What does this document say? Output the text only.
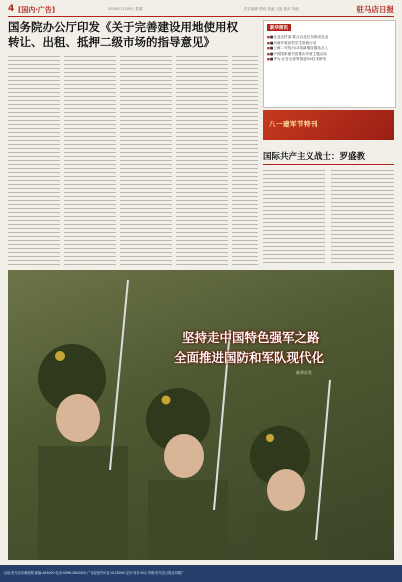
4 [国内·广告]	2009年7月28日 星期二	责任编辑 张明 美编 王磊 校对 刘丽	驻马店日报
国务院办公厅印发《关于完善建设用地使用权
转让、出租、抵押二级市场的指导意见》
新华简讯
■ ■农业农村部:要点自北往东推动农业
■ ■河南开展高效学生资助行动
■ ■上海二号线为13省新增设置站点入
■ ■中国国家图书馆推出年度主题活动
■ ■华为:正在全世界推进5G技术研发
八一建军节特刊
国际共产主义战士：罗盛教
坚持走中国特色强军之路
全面推进国防和军队现代化
新华社发
社址:驻马店市解放路 邮编:463000 电话:0396-2600000 广告经营许可证:4128000 定价:每月30元 印刷:驻马店日报社印刷厂
